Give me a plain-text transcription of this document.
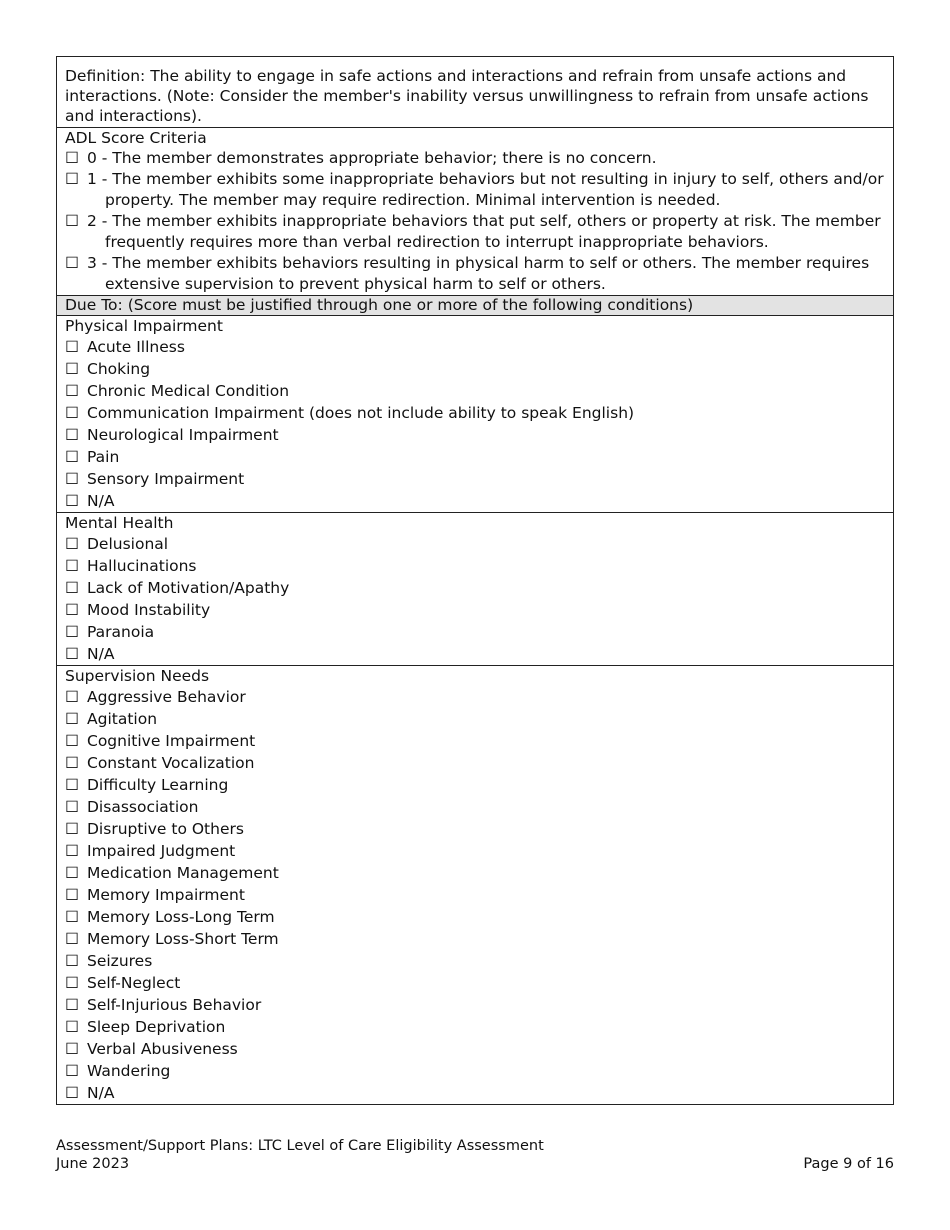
Definition: The ability to engage in safe actions and interactions and refrain from unsafe actions and interactions. (Note: Consider the member's inability versus unwillingness to refrain from unsafe actions and interactions).
ADL Score Criteria
☐ 0 - The member demonstrates appropriate behavior; there is no concern.
☐ 1 - The member exhibits some inappropriate behaviors but not resulting in injury to self, others and/or property. The member may require redirection. Minimal intervention is needed.
☐ 2 - The member exhibits inappropriate behaviors that put self, others or property at risk. The member frequently requires more than verbal redirection to interrupt inappropriate behaviors.
☐ 3 - The member exhibits behaviors resulting in physical harm to self or others. The member requires extensive supervision to prevent physical harm to self or others.
Due To: (Score must be justified through one or more of the following conditions)
Physical Impairment
☐ Acute Illness
☐ Choking
☐ Chronic Medical Condition
☐ Communication Impairment (does not include ability to speak English)
☐ Neurological Impairment
☐ Pain
☐ Sensory Impairment
☐ N/A
Mental Health
☐ Delusional
☐ Hallucinations
☐ Lack of Motivation/Apathy
☐ Mood Instability
☐ Paranoia
☐ N/A
Supervision Needs
☐ Aggressive Behavior
☐ Agitation
☐ Cognitive Impairment
☐ Constant Vocalization
☐ Difficulty Learning
☐ Disassociation
☐ Disruptive to Others
☐ Impaired Judgment
☐ Medication Management
☐ Memory Impairment
☐ Memory Loss-Long Term
☐ Memory Loss-Short Term
☐ Seizures
☐ Self-Neglect
☐ Self-Injurious Behavior
☐ Sleep Deprivation
☐ Verbal Abusiveness
☐ Wandering
☐ N/A
Assessment/Support Plans: LTC Level of Care Eligibility Assessment
June 2023	Page 9 of 16
